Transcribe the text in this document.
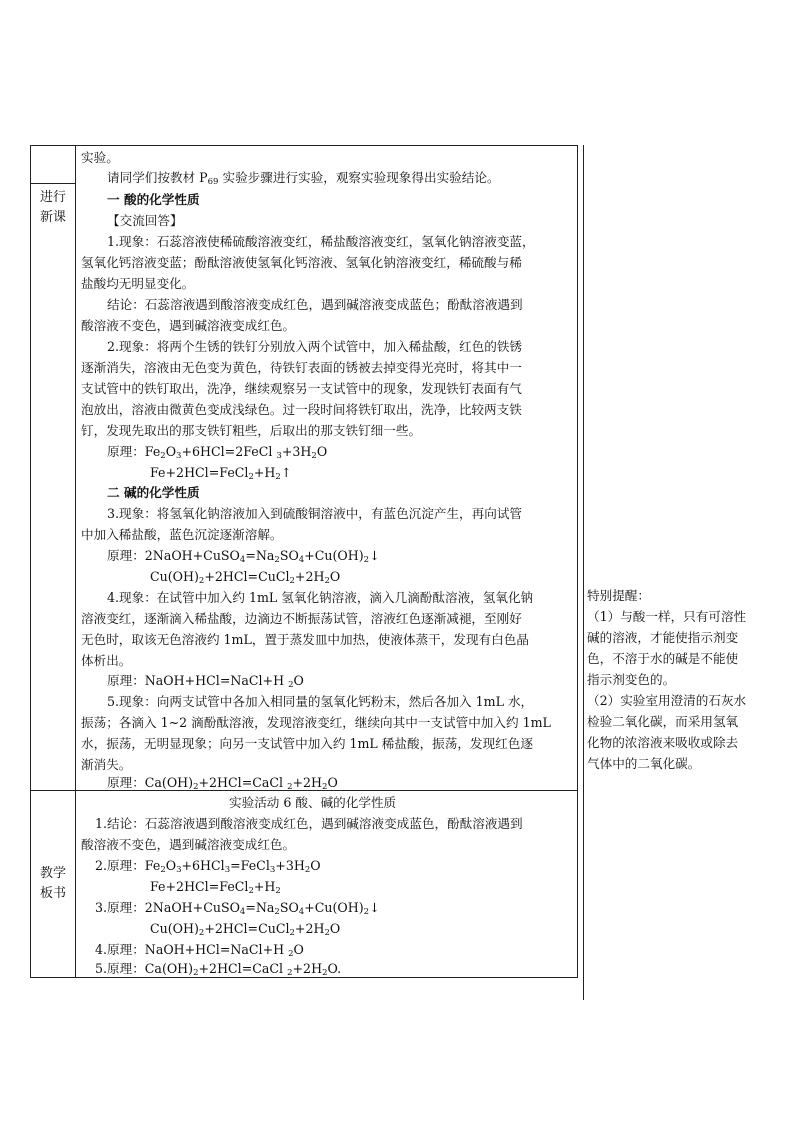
进行
新课
教学
板书
实验。
请同学们按教材 $P_{69}$ 实验步骤进行实验，观察实验现象得出实验结论。
一 酸的化学性质
【交流回答】
1.现象：石蕊溶液使稀硫酸溶液变红，稀盐酸溶液变红，氢氧化钠溶液变蓝，
氢氧化钙溶液变蓝；酚酞溶液使氢氧化钙溶液、氢氧化钠溶液变红，稀硫酸与稀
盐酸均无明显变化。
结论：石蕊溶液遇到酸溶液变成红色，遇到碱溶液变成蓝色；酚酞溶液遇到
酸溶液不变色，遇到碱溶液变成红色。
2.现象：将两个生锈的铁钉分别放入两个试管中，加入稀盐酸，红色的铁锈
逐渐消失，溶液由无色变为黄色，待铁钉表面的锈被去掉变得光亮时，将其中一
支试管中的铁钉取出，洗净，继续观察另一支试管中的现象，发现铁钉表面有气
泡放出，溶液由微黄色变成浅绿色。过一段时间将铁钉取出，洗净，比较两支铁
钉，发现先取出的那支铁钉粗些，后取出的那支铁钉细一些。
原理：$Fe_2O_3+6HCl=2FeCl$ $_3+3H_2O$
$Fe+2HCl=FeCl_2+H_2↑$
二 碱的化学性质
3.现象：将氢氧化钠溶液加入到硫酸铜溶液中，有蓝色沉淀产生，再向试管
中加入稀盐酸，蓝色沉淀逐渐溶解。
原理：$2NaOH+CuSO_4=Na_2SO_4+Cu(OH)_2↓$
$Cu(OH)_2+2HCl=CuCl_2+2H_2O$
4.现象：在试管中加入约 1mL 氢氧化钠溶液，滴入几滴酚酞溶液，氢氧化钠
溶液变红，逐渐滴入稀盐酸，边滴边不断振荡试管，溶液红色逐渐减褪，至刚好
无色时，取该无色溶液约 1mL，置于蒸发皿中加热，使液体蒸干，发现有白色晶
体析出。
原理：NaOH+HCl=NaCl+H $_2$O
5.现象：向两支试管中各加入相同量的氢氧化钙粉末，然后各加入 1mL 水，
振荡；各滴入 1~2 滴酚酞溶液，发现溶液变红，继续向其中一支试管中加入约 1mL
水，振荡，无明显现象；向另一支试管中加入约 1mL 稀盐酸，振荡，发现红色逐
渐消失。
原理：$Ca(OH)_2+2HCl=CaCl$ $_2+2H_2O$
实验活动 6 酸、碱的化学性质
1.结论：石蕊溶液遇到酸溶液变成红色，遇到碱溶液变成蓝色，酚酞溶液遇到
酸溶液不变色，遇到碱溶液变成红色。
2.原理：$Fe_2O_3+6HCl_3=FeCl_3+3H_2O$
$Fe+2HCl=FeCl_2+H_2$
3.原理：$2NaOH+CuSO_4=Na_2SO_4+Cu(OH)_2↓$
$Cu(OH)_2+2HCl=CuCl_2+2H_2O$
4.原理：NaOH+HCl=NaCl+H $_2$O
5.原理：$Ca(OH)_2+2HCl=CaCl$ $_2+2H_2O$.
特别提醒：
（1）与酸一样，只有可溶性
碱的溶液，才能使指示剂变
色，不溶于水的碱是不能使
指示剂变色的。
（2）实验室用澄清的石灰水
检验二氧化碳，而采用氢氧
化物的浓溶液来吸收或除去
气体中的二氧化碳。
